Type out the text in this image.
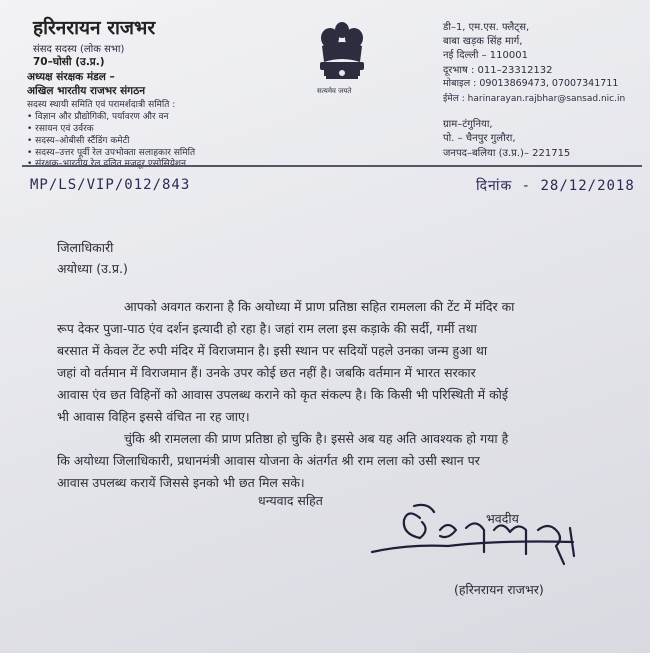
हरिनरायन राजभर
संसद सदस्य (लोक सभा)
70–घोसी (उ.प्र.)
अध्यक्ष संरक्षक मंडल –
अखिल भारतीय राजभर संगठन
सदस्य स्थायी समिति एवं परामर्शदात्री समिति :
• विज्ञान और प्रौद्योगिकी, पर्यावरण और वन
• रसायन एवं उर्वरक
• सदस्य–ओबीसी स्टैंडिंग कमेटी
• सदस्य–उत्तर पूर्वी रेल उपभोक्ता सलाहकार समिति
• संरक्षक–भारतीय रेल दलित मजदूर एसोसियेशन
सत्यमेव जयते
डी–1, एम.एस. फ्लैट्स,
बाबा खड़क सिंह मार्ग,
नई दिल्ली – 110001
दूरभाष : 011–23312132
मोबाइल : 09013869473, 07007341711
ईमेल : harinarayan.rajbhar@sansad.nic.in
ग्राम–टंगुनिया,
पो. – चैनपुर गुलौरा,
जनपद–बलिया (उ.प्र.)– 221715
MP/LS/VIP/012/843	दिनांक - 28/12/2018
जिलाधिकारी
अयोध्या (उ.प्र.)
आपको अवगत कराना है कि अयोध्या में प्राण प्रतिष्ठा सहित रामलला की टेंट में मंदिर का
रूप देकर पुजा-पाठ एंव दर्शन इत्यादी हो रहा है। जहां राम लला इस कड़ाके की सर्दी, गर्मी तथा
बरसात में केवल टेंट रुपी मंदिर में विराजमान है। इसी स्थान पर सदियों पहले उनका जन्म हुआ था
जहां वो वर्तमान में विराजमान हैं। उनके उपर कोई छत नहीं है। जबकि वर्तमान में भारत सरकार
आवास एंव छत विहिनों को आवास उपलब्ध कराने को कृत संकल्प है। कि किसी भी परिस्थिती में कोई
भी आवास विहिन इससे वंचित ना रह जाए।
चुंकि श्री रामलला की प्राण प्रतिष्ठा हो चुकि है। इससे अब यह अति आवश्यक हो गया है
कि अयोध्या जिलाधिकारी, प्रधानमंत्री आवास योजना के अंतर्गत श्री राम लला को उसी स्थान पर
आवास उपलब्ध करायें जिससे इनको भी छत मिल सके।
धन्यवाद सहित
भवदीय
(हरिनरायन राजभर)
